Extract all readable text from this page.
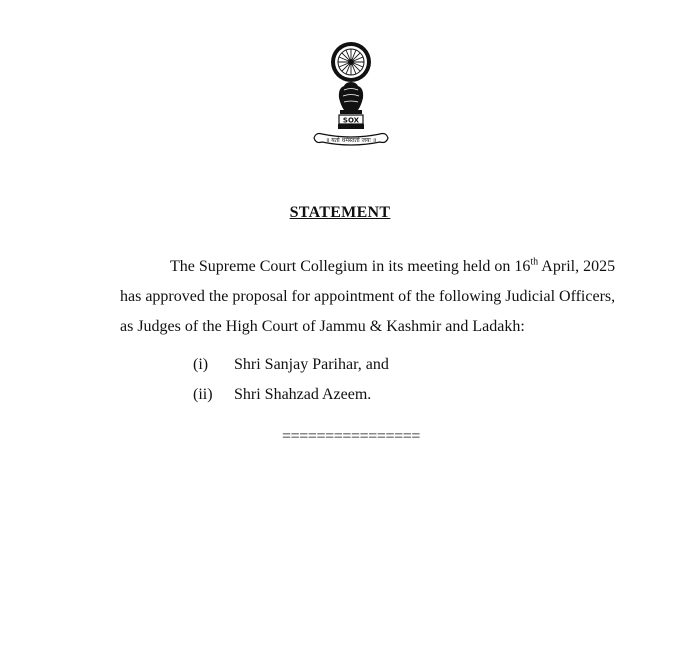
SOX
॥ यतो धर्मस्ततो जयः ॥
STATEMENT

The Supreme Court Collegium in its meeting held on 16th April, 2025
has approved the proposal for appointment of the following Judicial Officers,
as Judges of the High Court of Jammu & Kashmir and Ladakh:

(i) Shri Sanjay Parihar, and
(ii) Shri Shahzad Azeem.
================
